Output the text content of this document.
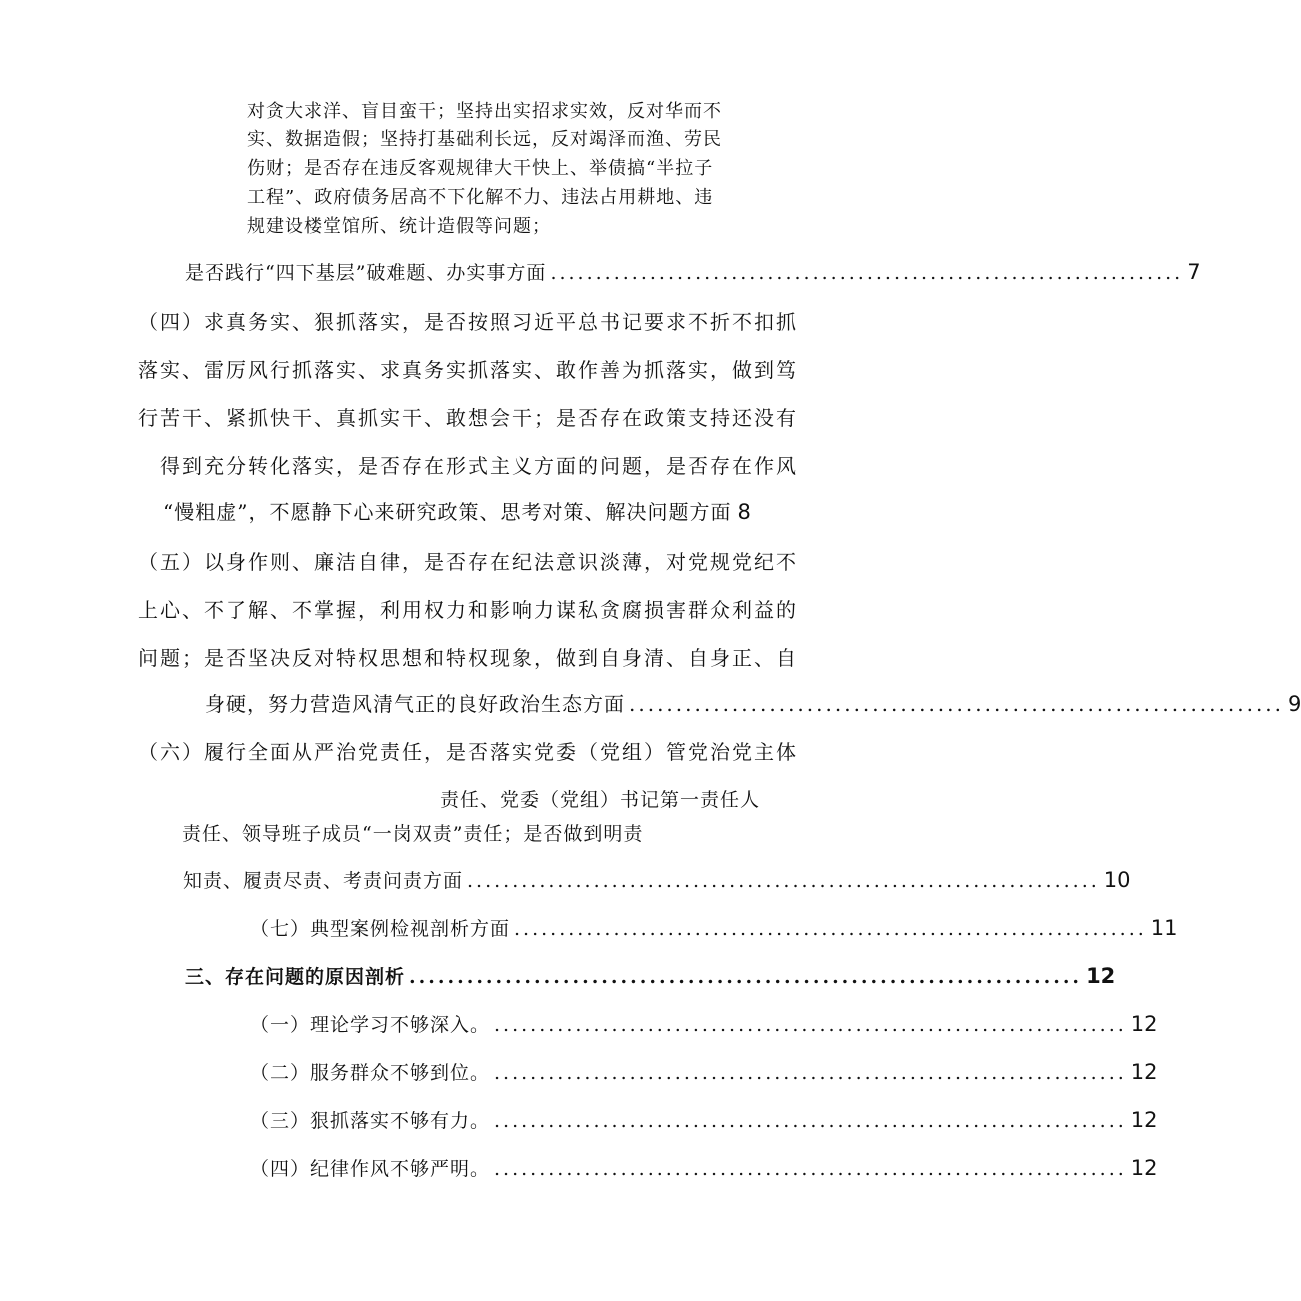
对贪大求洋、盲目蛮干；坚持出实招求实效，反对华而不
实、数据造假；坚持打基础利长远，反对竭泽而渔、劳民
伤财；是否存在违反客观规律大干快上、举债搞“半拉子
工程”、政府债务居高不下化解不力、违法占用耕地、违
规建设楼堂馆所、统计造假等问题；
是否践行“四下基层”破难题、办实事方面 ...................................................................... 7
（四）求真务实、狠抓落实，是否按照习近平总书记要求不折不扣抓
落实、雷厉风行抓落实、求真务实抓落实、敢作善为抓落实，做到笃
行苦干、紧抓快干、真抓实干、敢想会干；是否存在政策支持还没有
得到充分转化落实，是否存在形式主义方面的问题，是否存在作风
“慢粗虚”，不愿静下心来研究政策、思考对策、解决问题方面 8
（五）以身作则、廉洁自律，是否存在纪法意识淡薄，对党规党纪不
上心、不了解、不掌握，利用权力和影响力谋私贪腐损害群众利益的
问题；是否坚决反对特权思想和特权现象，做到自身清、自身正、自
身硬，努力营造风清气正的良好政治生态方面 ...................................................................... 9
（六）履行全面从严治党责任，是否落实党委（党组）管党治党主体
责任、党委（党组）书记第一责任人
责任、领导班子成员“一岗双责”责任；是否做到明责
知责、履责尽责、考责问责方面 ...................................................................... 10
（七）典型案例检视剖析方面 ...................................................................... 11
三、存在问题的原因剖析 ...................................................................... 12
（一）理论学习不够深入。 ...................................................................... 12
（二）服务群众不够到位。 ...................................................................... 12
（三）狠抓落实不够有力。 ...................................................................... 12
（四）纪律作风不够严明。 ...................................................................... 12
